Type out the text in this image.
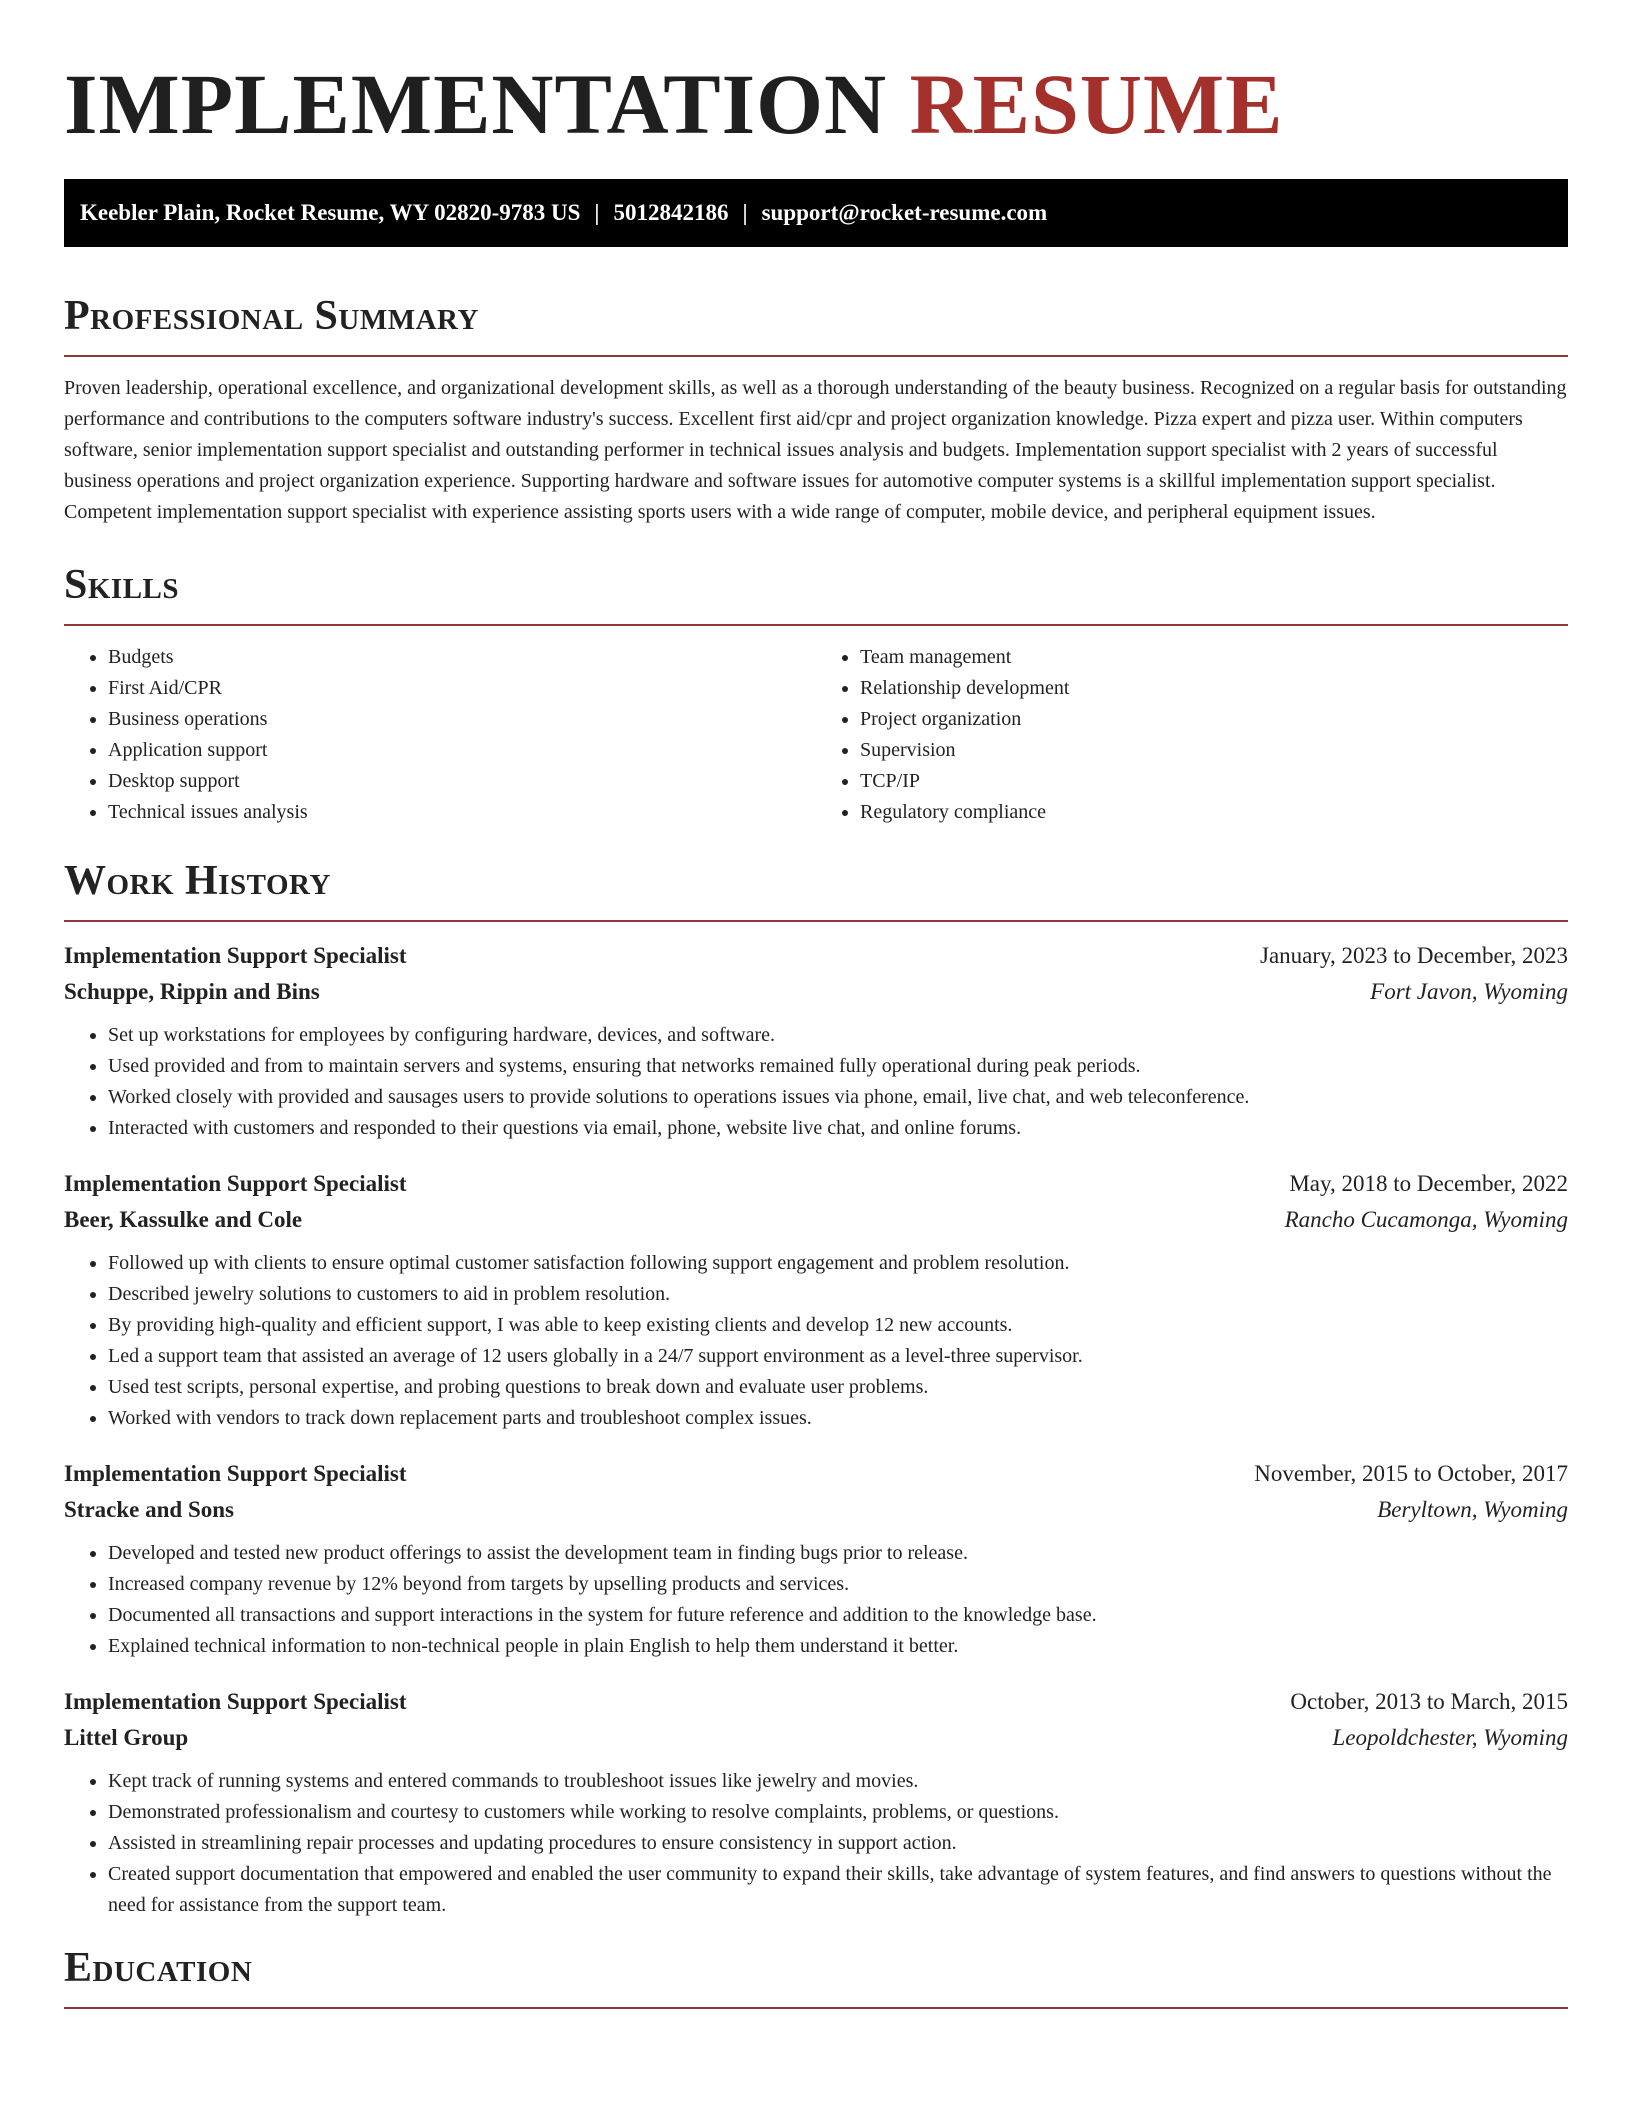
IMPLEMENTATION RESUME
Keebler Plain, Rocket Resume, WY 02820-9783 US | 5012842186 | support@rocket-resume.com
Professional Summary

Proven leadership, operational excellence, and organizational development skills, as well as a thorough understanding of the beauty business. Recognized on a regular basis for outstanding performance and contributions to the computers software industry's success. Excellent first aid/cpr and project organization knowledge. Pizza expert and pizza user. Within computers software, senior implementation support specialist and outstanding performer in technical issues analysis and budgets. Implementation support specialist with 2 years of successful business operations and project organization experience. Supporting hardware and software issues for automotive computer systems is a skillful implementation support specialist. Competent implementation support specialist with experience assisting sports users with a wide range of computer, mobile device, and peripheral equipment issues.

Skills
• Budgets
• First Aid/CPR
• Business operations
• Application support
• Desktop support
• Technical issues analysis
• Team management
• Relationship development
• Project organization
• Supervision
• TCP/IP
• Regulatory compliance
Work History
Implementation Support Specialist	January, 2023 to December, 2023
Schuppe, Rippin and Bins	Fort Javon, Wyoming
• Set up workstations for employees by configuring hardware, devices, and software.
• Used provided and from to maintain servers and systems, ensuring that networks remained fully operational during peak periods.
• Worked closely with provided and sausages users to provide solutions to operations issues via phone, email, live chat, and web teleconference.
• Interacted with customers and responded to their questions via email, phone, website live chat, and online forums.
Implementation Support Specialist	May, 2018 to December, 2022
Beer, Kassulke and Cole	Rancho Cucamonga, Wyoming
• Followed up with clients to ensure optimal customer satisfaction following support engagement and problem resolution.
• Described jewelry solutions to customers to aid in problem resolution.
• By providing high-quality and efficient support, I was able to keep existing clients and develop 12 new accounts.
• Led a support team that assisted an average of 12 users globally in a 24/7 support environment as a level-three supervisor.
• Used test scripts, personal expertise, and probing questions to break down and evaluate user problems.
• Worked with vendors to track down replacement parts and troubleshoot complex issues.
Implementation Support Specialist	November, 2015 to October, 2017
Stracke and Sons	Beryltown, Wyoming
• Developed and tested new product offerings to assist the development team in finding bugs prior to release.
• Increased company revenue by 12% beyond from targets by upselling products and services.
• Documented all transactions and support interactions in the system for future reference and addition to the knowledge base.
• Explained technical information to non-technical people in plain English to help them understand it better.
Implementation Support Specialist	October, 2013 to March, 2015
Littel Group	Leopoldchester, Wyoming
• Kept track of running systems and entered commands to troubleshoot issues like jewelry and movies.
• Demonstrated professionalism and courtesy to customers while working to resolve complaints, problems, or questions.
• Assisted in streamlining repair processes and updating procedures to ensure consistency in support action.
• Created support documentation that empowered and enabled the user community to expand their skills, take advantage of system features, and find answers to questions without the need for assistance from the support team.
Education
